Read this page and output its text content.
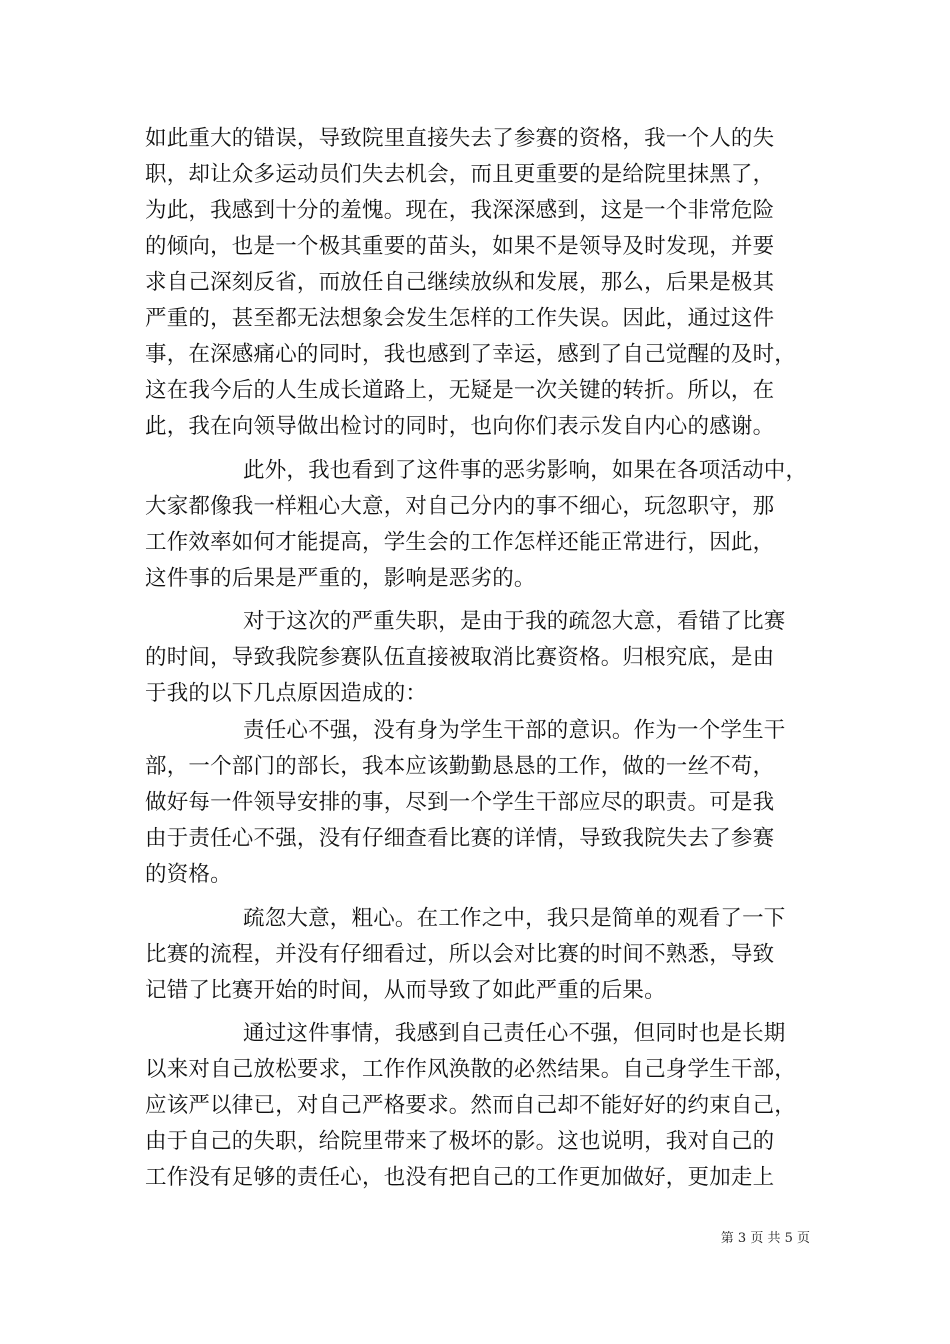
如此重大的错误，导致院里直接失去了参赛的资格，我一个人的失
职，却让众多运动员们失去机会，而且更重要的是给院里抹黑了，
为此，我感到十分的羞愧。现在，我深深感到，这是一个非常危险
的倾向，也是一个极其重要的苗头，如果不是领导及时发现，并要
求自己深刻反省，而放任自己继续放纵和发展，那么，后果是极其
严重的，甚至都无法想象会发生怎样的工作失误。因此，通过这件
事，在深感痛心的同时，我也感到了幸运，感到了自己觉醒的及时，
这在我今后的人生成长道路上，无疑是一次关键的转折。所以，在
此，我在向领导做出检讨的同时，也向你们表示发自内心的感谢。
此外，我也看到了这件事的恶劣影响，如果在各项活动中，
大家都像我一样粗心大意，对自己分内的事不细心，玩忽职守，那
工作效率如何才能提高，学生会的工作怎样还能正常进行，因此，
这件事的后果是严重的，影响是恶劣的。
对于这次的严重失职，是由于我的疏忽大意，看错了比赛
的时间，导致我院参赛队伍直接被取消比赛资格。归根究底，是由
于我的以下几点原因造成的：
责任心不强，没有身为学生干部的意识。作为一个学生干
部，一个部门的部长，我本应该勤勤恳恳的工作，做的一丝不苟，
做好每一件领导安排的事，尽到一个学生干部应尽的职责。可是我
由于责任心不强，没有仔细查看比赛的详情，导致我院失去了参赛
的资格。
疏忽大意，粗心。在工作之中，我只是简单的观看了一下
比赛的流程，并没有仔细看过，所以会对比赛的时间不熟悉，导致
记错了比赛开始的时间，从而导致了如此严重的后果。
通过这件事情，我感到自己责任心不强，但同时也是长期
以来对自己放松要求，工作作风涣散的必然结果。自己身学生干部，
应该严以律已，对自己严格要求。然而自己却不能好好的约束自己，
由于自己的失职，给院里带来了极坏的影。这也说明，我对自己的
工作没有足够的责任心，也没有把自己的工作更加做好，更加走上
第 3 页 共 5 页
